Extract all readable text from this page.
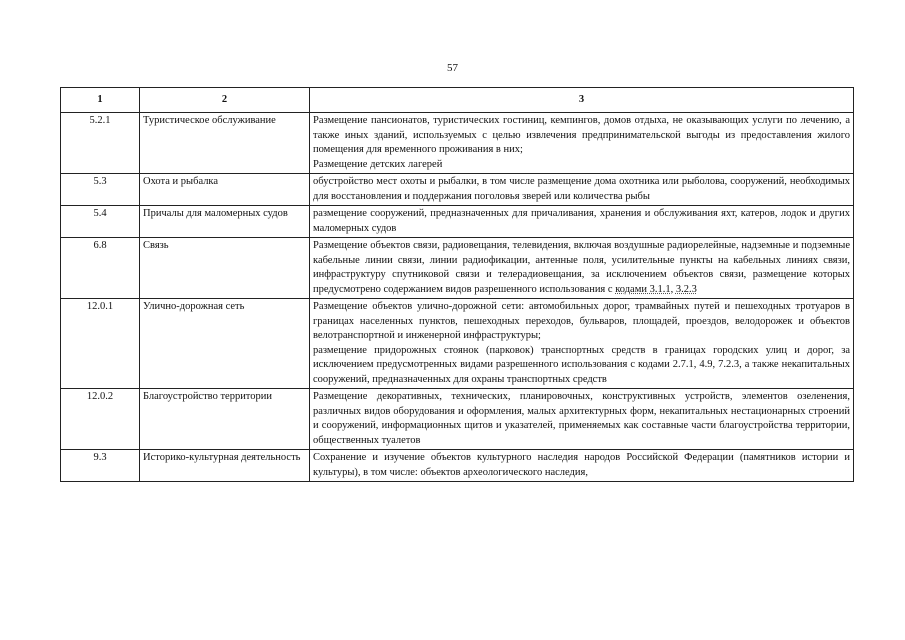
57
1	2	3
5.2.1	Туристическое обслуживание	Размещение пансионатов, туристических гостиниц, кемпингов, домов отдыха, не оказывающих услуги по лечению, а также иных зданий, используемых с целью извлечения предпринимательской выгоды из предоставления жилого помещения для временного проживания в них;
Размещение детских лагерей

5.3	Охота и рыбалка	обустройство мест охоты и рыбалки, в том числе размещение дома охотника или рыболова, сооружений, необходимых для восстановления и поддержания поголовья зверей или количества рыбы

5.4	Причалы для маломерных судов	размещение сооружений, предназначенных для причаливания, хранения и обслуживания яхт, катеров, лодок и других маломерных судов

6.8	Связь	Размещение объектов связи, радиовещания, телевидения, включая воздушные радиорелейные, надземные и подземные кабельные линии связи, линии радиофикации, антенные поля, усилительные пункты на кабельных линиях связи, инфраструктуру спутниковой связи и телерадиовещания, за исключением объектов связи, размещение которых предусмотрено содержанием видов разрешенного использования с кодами 3.1.1, 3.2.3
12.0.1	Улично-дорожная сеть	Размещение объектов улично-дорожной сети: автомобильных дорог, трамвайных путей и пешеходных тротуаров в границах населенных пунктов, пешеходных переходов, бульваров, площадей, проездов, велодорожек и объектов велотранспортной и инженерной инфраструктуры;
размещение придорожных стоянок (парковок) транспортных средств в границах городских улиц и дорог, за исключением предусмотренных видами разрешенного использования с кодами 2.7.1, 4.9, 7.2.3, а также некапитальных сооружений, предназначенных для охраны транспортных средств

12.0.2	Благоустройство территории	Размещение декоративных, технических, планировочных, конструктивных устройств, элементов озеленения, различных видов оборудования и оформления, малых архитектурных форм, некапитальных нестационарных строений и сооружений, информационных щитов и указателей, применяемых как составные части благоустройства территории, общественных туалетов

9.3	Историко-культурная деятельность	Сохранение и изучение объектов культурного наследия народов Российской Федерации (памятников истории и культуры), в том числе: объектов археологического наследия,
